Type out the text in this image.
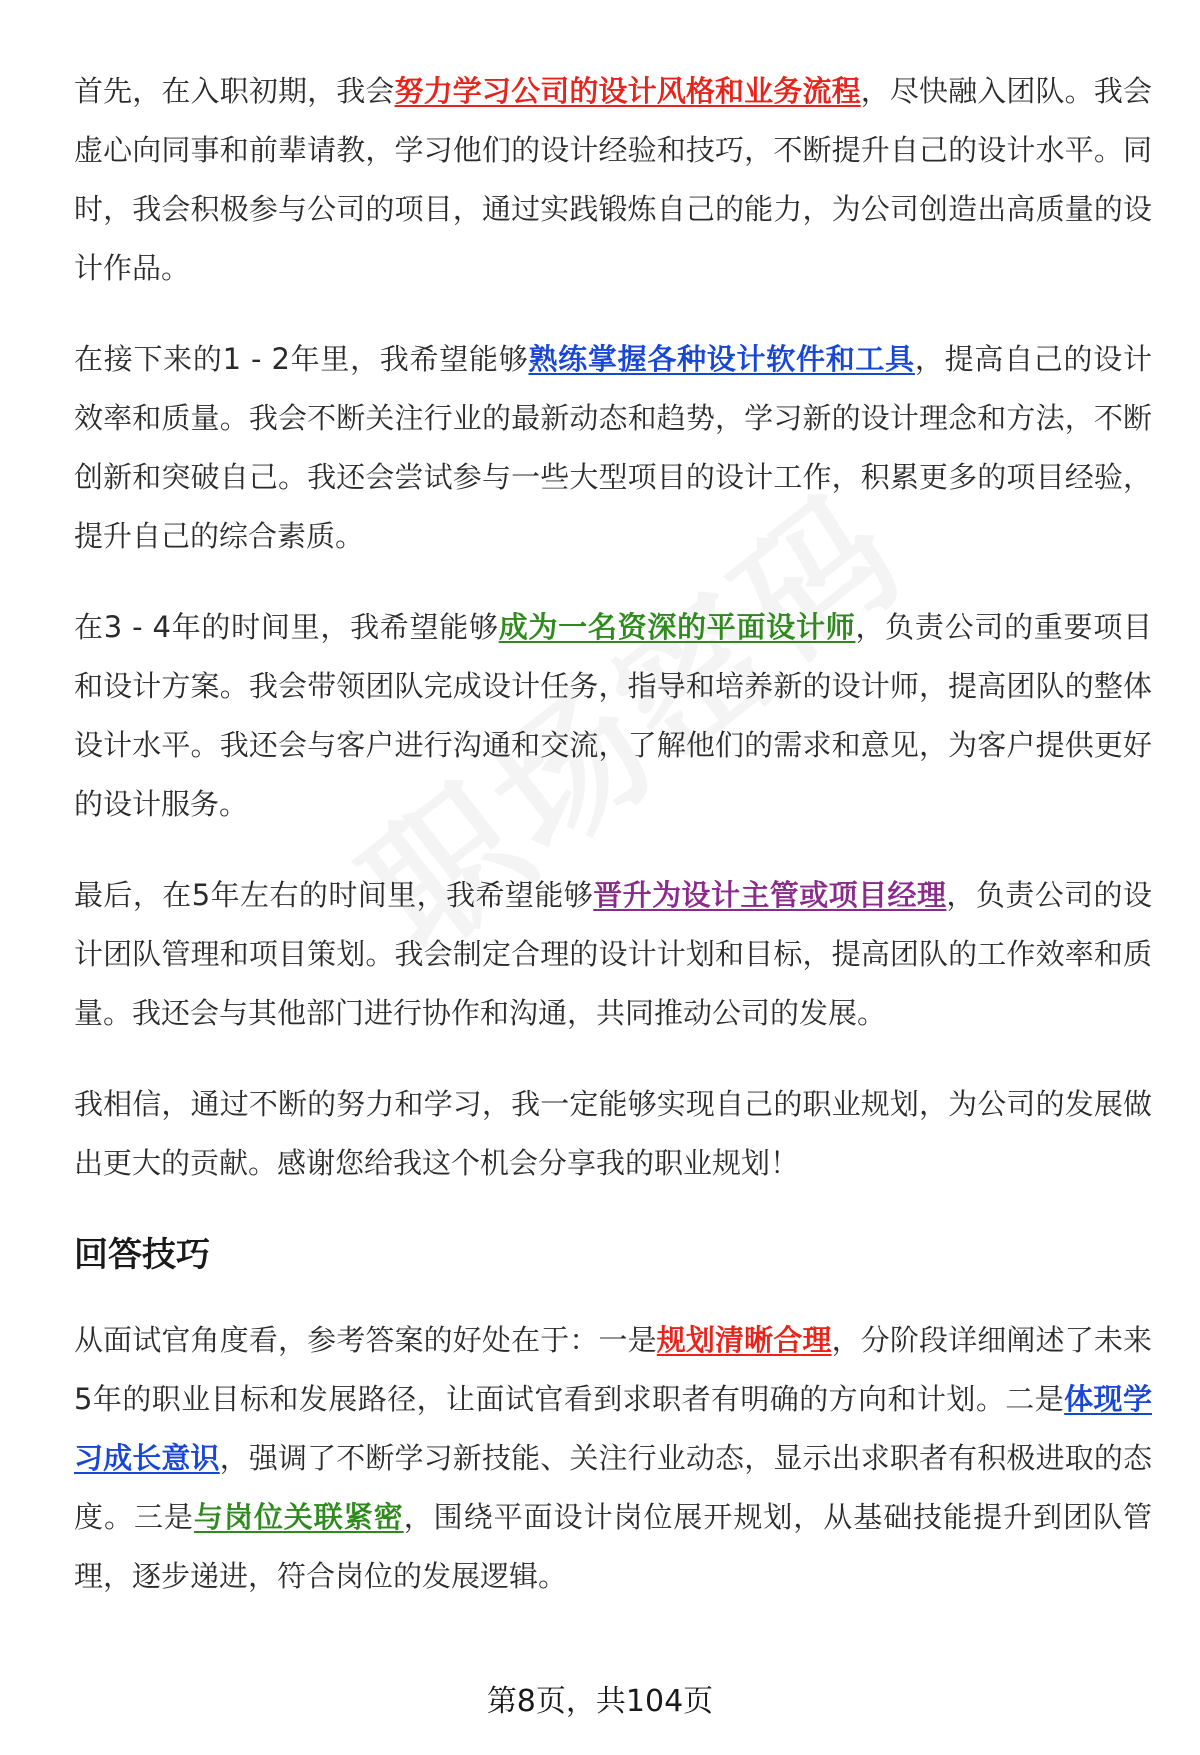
首先，在入职初期，我会努力学习公司的设计风格和业务流程，尽快融入团队。我会虚心向同事和前辈请教，学习他们的设计经验和技巧，不断提升自己的设计水平。同时，我会积极参与公司的项目，通过实践锻炼自己的能力，为公司创造出高质量的设计作品。

在接下来的1 - 2年里，我希望能够熟练掌握各种设计软件和工具，提高自己的设计效率和质量。我会不断关注行业的最新动态和趋势，学习新的设计理念和方法，不断创新和突破自己。我还会尝试参与一些大型项目的设计工作，积累更多的项目经验，提升自己的综合素质。

在3 - 4年的时间里，我希望能够成为一名资深的平面设计师，负责公司的重要项目和设计方案。我会带领团队完成设计任务，指导和培养新的设计师，提高团队的整体设计水平。我还会与客户进行沟通和交流，了解他们的需求和意见，为客户提供更好的设计服务。

最后，在5年左右的时间里，我希望能够晋升为设计主管或项目经理，负责公司的设计团队管理和项目策划。我会制定合理的设计计划和目标，提高团队的工作效率和质量。我还会与其他部门进行协作和沟通，共同推动公司的发展。

我相信，通过不断的努力和学习，我一定能够实现自己的职业规划，为公司的发展做出更大的贡献。感谢您给我这个机会分享我的职业规划！

回答技巧

从面试官角度看，参考答案的好处在于：一是规划清晰合理，分阶段详细阐述了未来5年的职业目标和发展路径，让面试官看到求职者有明确的方向和计划。二是体现学习成长意识，强调了不断学习新技能、关注行业动态，显示出求职者有积极进取的态度。三是与岗位关联紧密，围绕平面设计岗位展开规划，从基础技能提升到团队管理，逐步递进，符合岗位的发展逻辑。

第8页，共104页
